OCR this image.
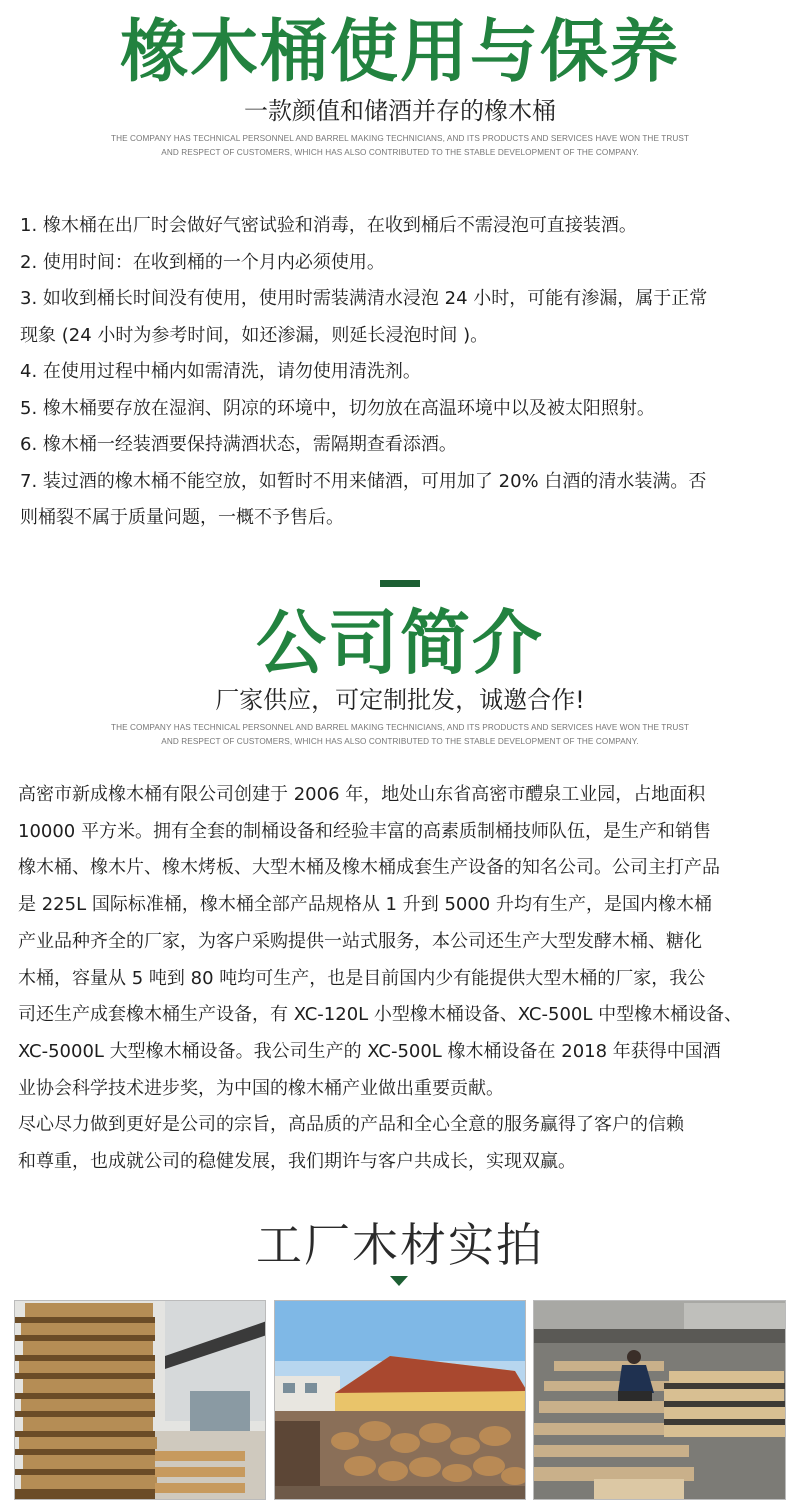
橡木桶使用与保养
一款颜值和储酒并存的橡木桶
THE COMPANY HAS TECHNICAL PERSONNEL AND BARREL MAKING TECHNICIANS, AND ITS PRODUCTS AND SERVICES HAVE WON THE TRUST
AND RESPECT OF CUSTOMERS, WHICH HAS ALSO CONTRIBUTED TO THE STABLE DEVELOPMENT OF THE COMPANY.

1. 橡木桶在出厂时会做好气密试验和消毒，在收到桶后不需浸泡可直接装酒。

2. 使用时间：在收到桶的一个月内必须使用。

3. 如收到桶长时间没有使用，使用时需装满清水浸泡 24 小时，可能有渗漏，属于正常

现象 (24 小时为参考时间，如还渗漏，则延长浸泡时间 )。

4. 在使用过程中桶内如需清洗，请勿使用清洗剂。

5. 橡木桶要存放在湿润、阴凉的环境中，切勿放在高温环境中以及被太阳照射。

6. 橡木桶一经装酒要保持满酒状态，需隔期查看添酒。

7. 装过酒的橡木桶不能空放，如暂时不用来储酒，可用加了 20% 白酒的清水装满。否

则桶裂不属于质量问题，一概不予售后。

公司简介
厂家供应，可定制批发，诚邀合作!
THE COMPANY HAS TECHNICAL PERSONNEL AND BARREL MAKING TECHNICIANS, AND ITS PRODUCTS AND SERVICES HAVE WON THE TRUST
AND RESPECT OF CUSTOMERS, WHICH HAS ALSO CONTRIBUTED TO THE STABLE DEVELOPMENT OF THE COMPANY.

高密市新成橡木桶有限公司创建于 2006 年，地处山东省高密市醴泉工业园，占地面积

10000 平方米。拥有全套的制桶设备和经验丰富的高素质制桶技师队伍，是生产和销售

橡木桶、橡木片、橡木烤板、大型木桶及橡木桶成套生产设备的知名公司。公司主打产品

是 225L 国际标准桶，橡木桶全部产品规格从 1 升到 5000 升均有生产，是国内橡木桶

产业品种齐全的厂家，为客户采购提供一站式服务，本公司还生产大型发酵木桶、糖化

木桶，容量从 5 吨到 80 吨均可生产，也是目前国内少有能提供大型木桶的厂家，我公

司还生产成套橡木桶生产设备，有 XC-120L 小型橡木桶设备、XC-500L 中型橡木桶设备、

XC-5000L 大型橡木桶设备。我公司生产的 XC-500L 橡木桶设备在 2018 年获得中国酒

业协会科学技术进步奖，为中国的橡木桶产业做出重要贡献。

尽心尽力做到更好是公司的宗旨，高品质的产品和全心全意的服务赢得了客户的信赖

和尊重，也成就公司的稳健发展，我们期许与客户共成长，实现双赢。

工厂木材实拍
